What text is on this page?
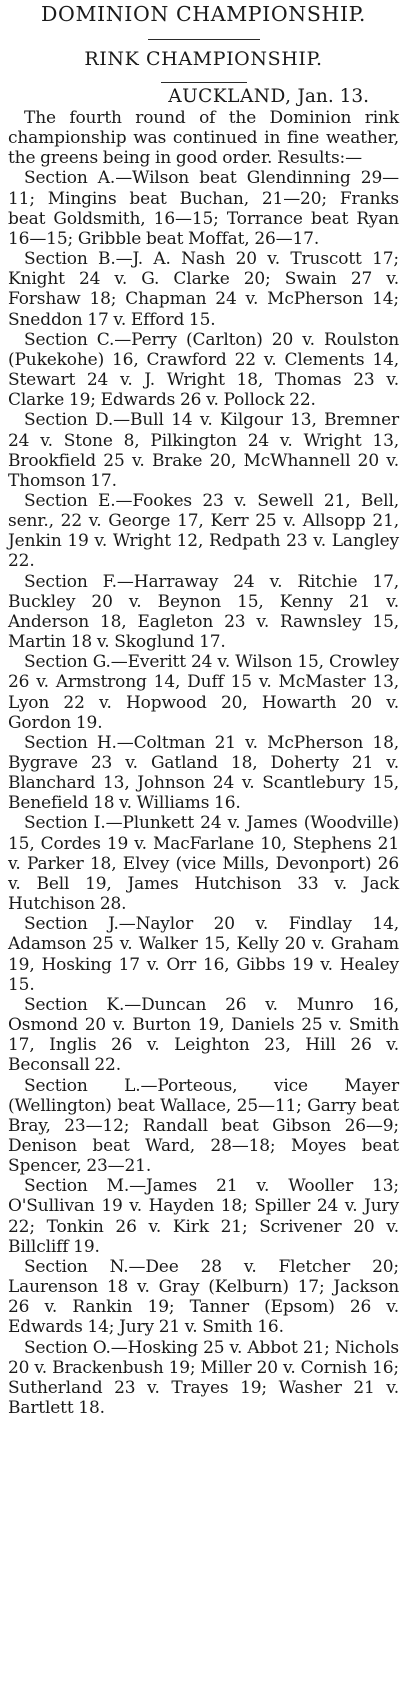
DOMINION CHAMPIONSHIP.
RINK CHAMPIONSHIP.
AUCKLAND, Jan. 13.

The fourth round of the Dominion rink championship was continued in fine weather, the greens being in good order. Results:—

Section A.—Wilson beat Glendinning 29—11; Mingins beat Buchan, 21—20; Franks beat Goldsmith, 16—15; Torrance beat Ryan 16—15; Gribble beat Moffat, 26—17.

Section B.—J. A. Nash 20 v. Truscott 17; Knight 24 v. G. Clarke 20; Swain 27 v. Forshaw 18; Chapman 24 v. McPherson 14; Sneddon 17 v. Efford 15.

Section C.—Perry (Carlton) 20 v. Roulston (Pukekohe) 16, Crawford 22 v. Clements 14, Stewart 24 v. J. Wright 18, Thomas 23 v. Clarke 19; Edwards 26 v. Pollock 22.

Section D.—Bull 14 v. Kilgour 13, Bremner 24 v. Stone 8, Pilkington 24 v. Wright 13, Brookfield 25 v. Brake 20, McWhannell 20 v. Thomson 17.

Section E.—Fookes 23 v. Sewell 21, Bell, senr., 22 v. George 17, Kerr 25 v. Allsopp 21, Jenkin 19 v. Wright 12, Redpath 23 v. Langley 22.

Section F.—Harraway 24 v. Ritchie 17, Buckley 20 v. Beynon 15, Kenny 21 v. Anderson 18, Eagleton 23 v. Rawnsley 15, Martin 18 v. Skoglund 17.

Section G.—Everitt 24 v. Wilson 15, Crowley 26 v. Armstrong 14, Duff 15 v. McMaster 13, Lyon 22 v. Hopwood 20, Howarth 20 v. Gordon 19.

Section H.—Coltman 21 v. McPherson 18, Bygrave 23 v. Gatland 18, Doherty 21 v. Blanchard 13, Johnson 24 v. Scantlebury 15, Benefield 18 v. Williams 16.

Section I.—Plunkett 24 v. James (Woodville) 15, Cordes 19 v. MacFarlane 10, Stephens 21 v. Parker 18, Elvey (vice Mills, Devonport) 26 v. Bell 19, James Hutchison 33 v. Jack Hutchison 28.

Section J.—Naylor 20 v. Findlay 14, Adamson 25 v. Walker 15, Kelly 20 v. Graham 19, Hosking 17 v. Orr 16, Gibbs 19 v. Healey 15.

Section K.—Duncan 26 v. Munro 16, Osmond 20 v. Burton 19, Daniels 25 v. Smith 17, Inglis 26 v. Leighton 23, Hill 26 v. Beconsall 22.

Section L.—Porteous, vice Mayer (Wellington) beat Wallace, 25—11; Garry beat Bray, 23—12; Randall beat Gibson 26—9; Denison beat Ward, 28—18; Moyes beat Spencer, 23—21.

Section M.—James 21 v. Wooller 13; O'Sullivan 19 v. Hayden 18; Spiller 24 v. Jury 22; Tonkin 26 v. Kirk 21; Scrivener 20 v. Billcliff 19.

Section N.—Dee 28 v. Fletcher 20; Laurenson 18 v. Gray (Kelburn) 17; Jackson 26 v. Rankin 19; Tanner (Epsom) 26 v. Edwards 14; Jury 21 v. Smith 16.

Section O.—Hosking 25 v. Abbot 21; Nichols 20 v. Brackenbush 19; Miller 20 v. Cornish 16; Sutherland 23 v. Trayes 19; Washer 21 v. Bartlett 18.
